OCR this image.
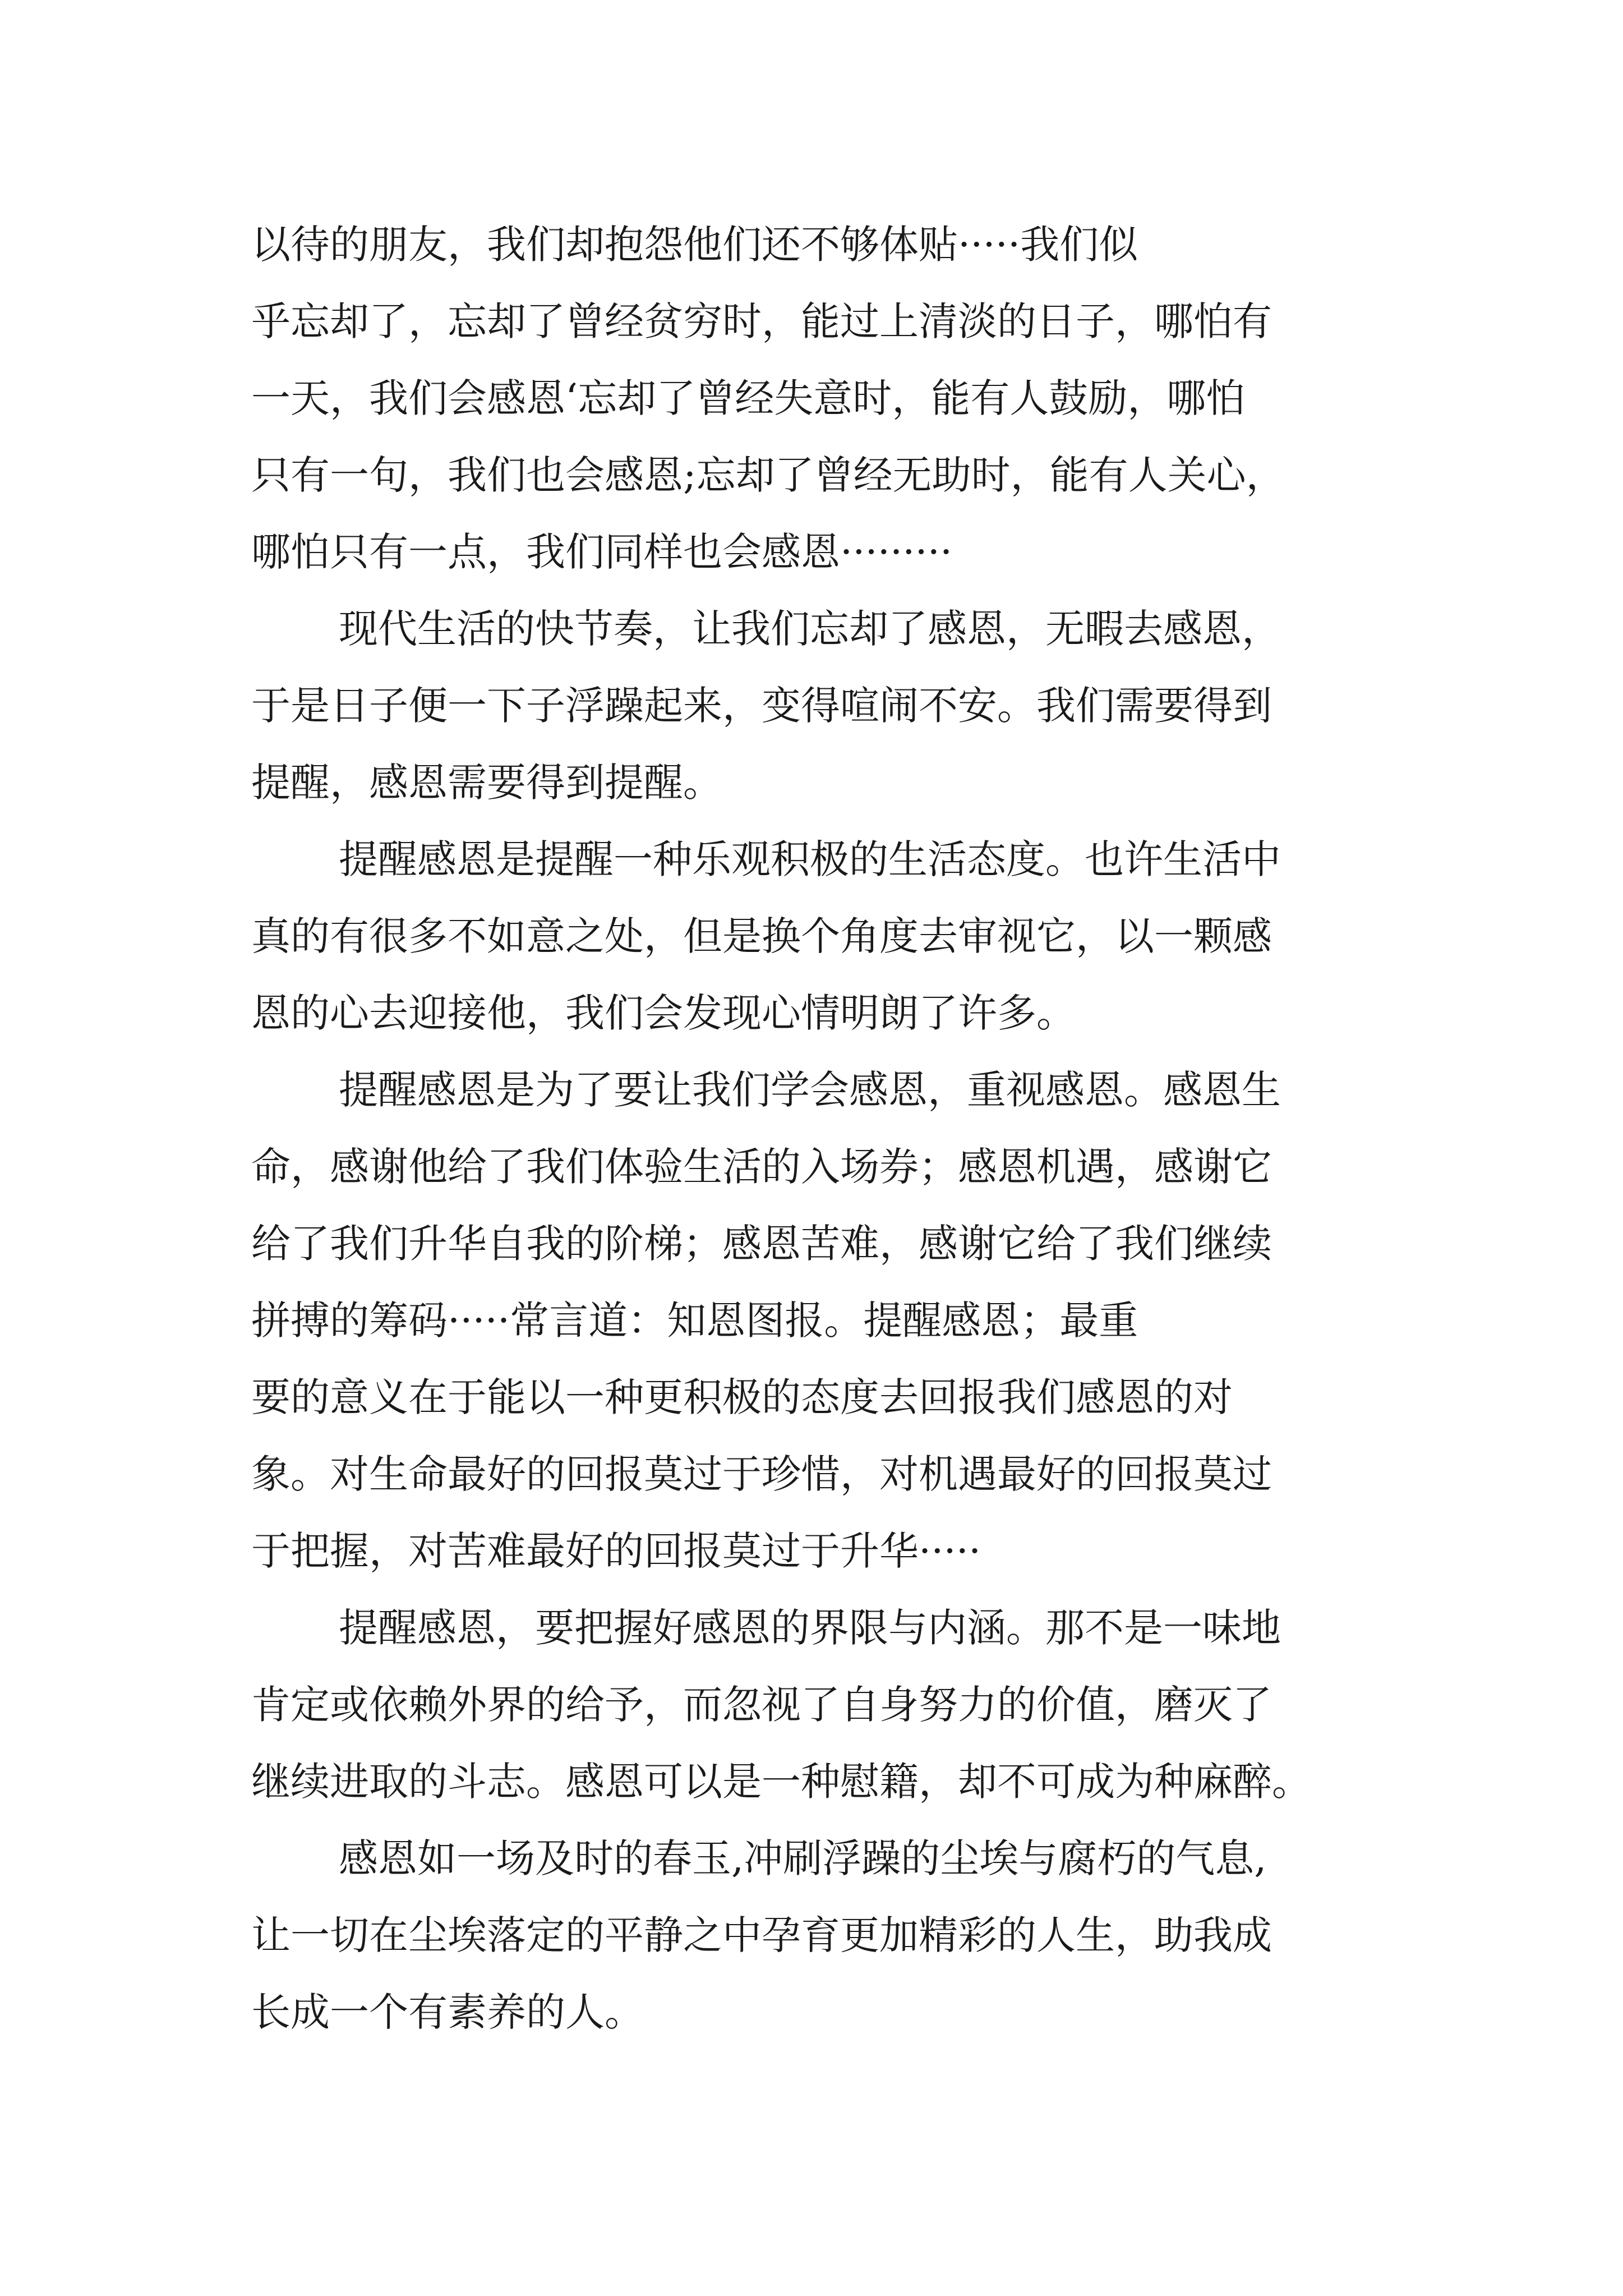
以待的朋友，我们却抱怨他们还不够体贴·····我们似
乎忘却了，忘却了曾经贫穷时，能过上清淡的日子，哪怕有
一天，我们会感恩‘忘却了曾经失意时，能有人鼓励，哪怕
只有一句，我们也会感恩;忘却了曾经无助时，能有人关心，
哪怕只有一点，我们同样也会感恩·········
现代生活的快节奏，让我们忘却了感恩，无暇去感恩，
于是日子便一下子浮躁起来，变得喧闹不安。我们需要得到
提醒，感恩需要得到提醒。
提醒感恩是提醒一种乐观积极的生活态度。也许生活中
真的有很多不如意之处，但是换个角度去审视它，以一颗感
恩的心去迎接他，我们会发现心情明朗了许多。
提醒感恩是为了要让我们学会感恩，重视感恩。感恩生
命，感谢他给了我们体验生活的入场券；感恩机遇，感谢它
给了我们升华自我的阶梯；感恩苦难，感谢它给了我们继续
拼搏的筹码·····常言道：知恩图报。提醒感恩；最重
要的意义在于能以一种更积极的态度去回报我们感恩的对
象。对生命最好的回报莫过于珍惜，对机遇最好的回报莫过
于把握，对苦难最好的回报莫过于升华·····
提醒感恩，要把握好感恩的界限与内涵。那不是一味地
肯定或依赖外界的给予，而忽视了自身努力的价值，磨灭了
继续进取的斗志。感恩可以是一种慰籍，却不可成为种麻醉。
感恩如一场及时的春玉,冲刷浮躁的尘埃与腐朽的气息,
让一切在尘埃落定的平静之中孕育更加精彩的人生，助我成
长成一个有素养的人。
